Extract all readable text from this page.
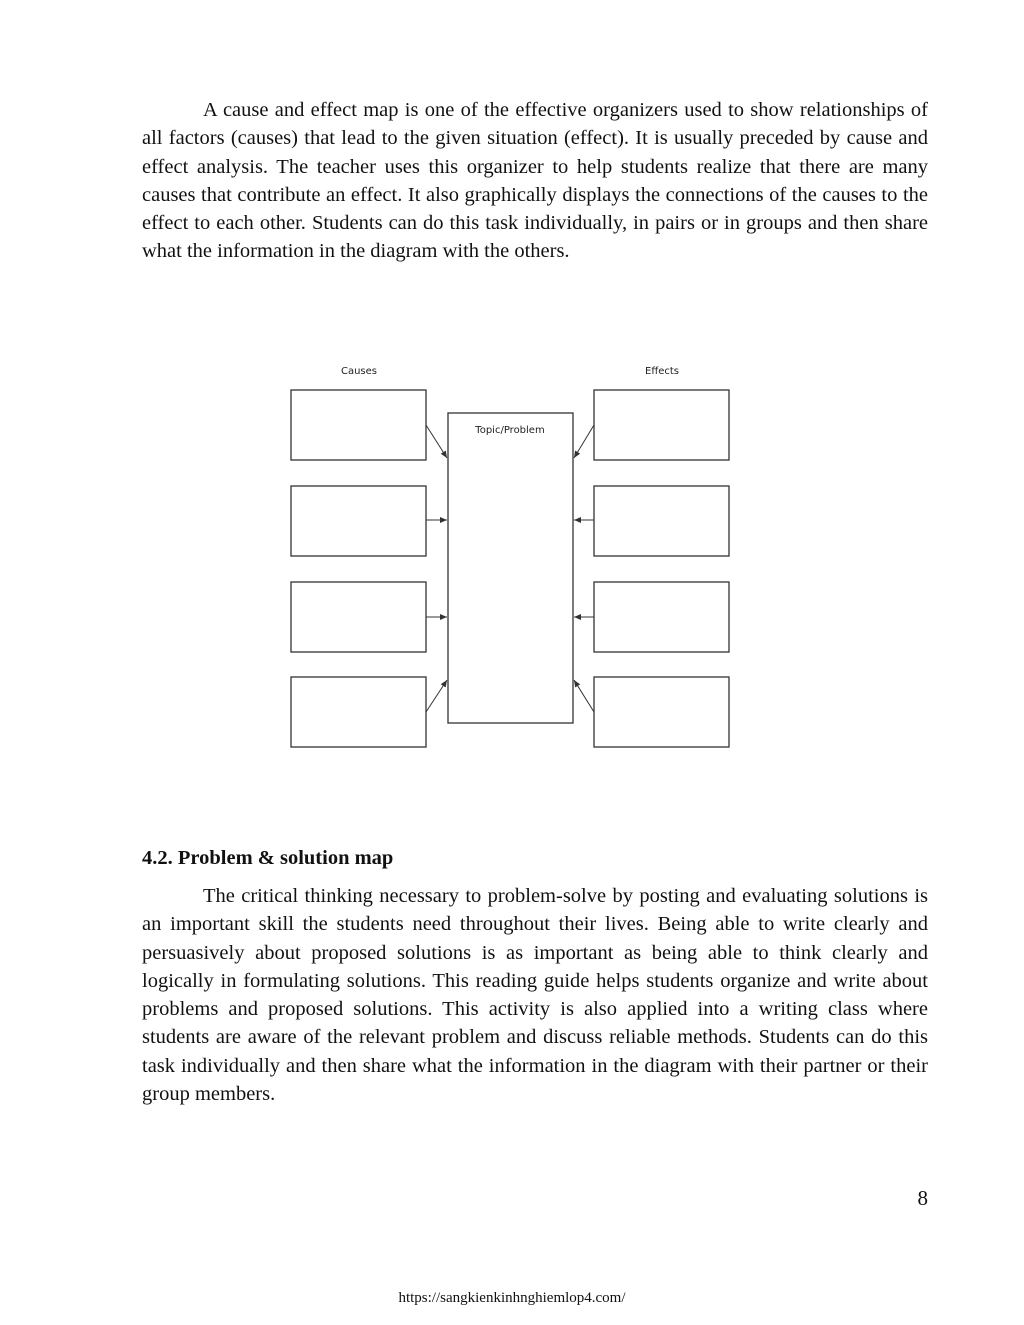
A cause and effect map is one of the effective organizers used to show relationships of all factors (causes) that lead to the given situation (effect). It is usually preceded by cause and effect analysis. The teacher uses this organizer to help students realize that there are many causes that contribute an effect. It also graphically displays the connections of the causes to the effect to each other. Students can do this task individually, in pairs or in groups and then share what the information in the diagram with the others.

Causes	Effects
Topic/Problem
4.2. Problem & solution map

The critical thinking necessary to problem-solve by posting and evaluating solutions is an important skill the students need throughout their lives. Being able to write clearly and persuasively about proposed solutions is as important as being able to think clearly and logically in formulating solutions. This reading guide helps students organize and write about problems and proposed solutions. This activity is also applied into a writing class where students are aware of the relevant problem and discuss reliable methods. Students can do this task individually and then share what the information in the diagram with their partner or their group members.

8
https://sangkienkinhnghiemlop4.com/
